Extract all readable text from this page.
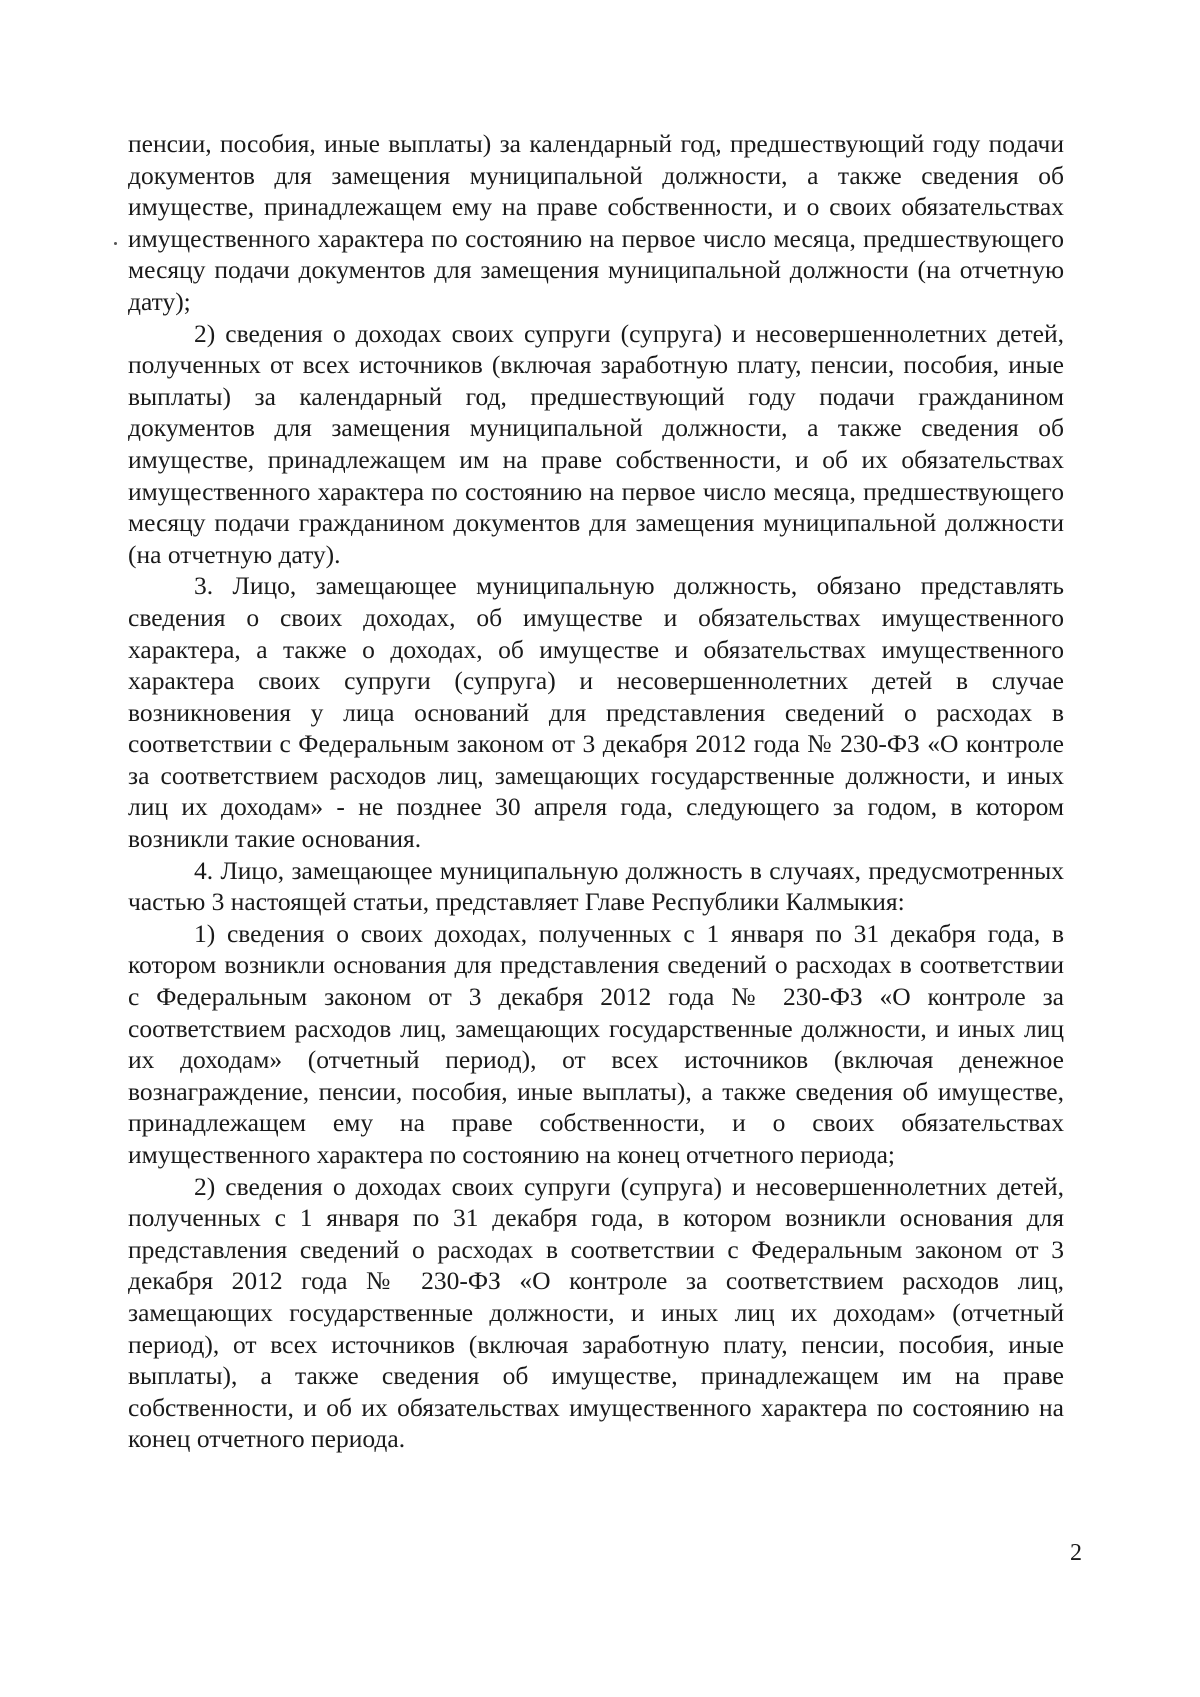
пенсии, пособия, иные выплаты) за календарный год, предшествующий году подачи документов для замещения муниципальной должности, а также сведения об имуществе, принадлежащем ему на праве собственности, и о своих обязательствах имущественного характера по состоянию на первое число месяца, предшествующего месяцу подачи документов для замещения муниципальной должности (на отчетную дату);

2) сведения о доходах своих супруги (супруга) и несовершеннолетних детей, полученных от всех источников (включая заработную плату, пенсии, пособия, иные выплаты) за календарный год, предшествующий году подачи гражданином документов для замещения муниципальной должности, а также сведения об имуществе, принадлежащем им на праве собственности, и об их обязательствах имущественного характера по состоянию на первое число месяца, предшествующего месяцу подачи гражданином документов для замещения муниципальной должности (на отчетную дату).

3. Лицо, замещающее муниципальную должность, обязано представлять сведения о своих доходах, об имуществе и обязательствах имущественного характера, а также о доходах, об имуществе и обязательствах имущественного характера своих супруги (супруга) и несовершеннолетних детей в случае возникновения у лица оснований для представления сведений о расходах в соответствии с Федеральным законом от 3 декабря 2012 года № 230-ФЗ «О контроле за соответствием расходов лиц, замещающих государственные должности, и иных лиц их доходам» - не позднее 30 апреля года, следующего за годом, в котором возникли такие основания.

4. Лицо, замещающее муниципальную должность в случаях, предусмотренных частью 3 настоящей статьи, представляет Главе Республики Калмыкия:

1) сведения о своих доходах, полученных с 1 января по 31 декабря года, в котором возникли основания для представления сведений о расходах в соответствии с Федеральным законом от 3 декабря 2012 года № 230-ФЗ «О контроле за соответствием расходов лиц, замещающих государственные должности, и иных лиц их доходам» (отчетный период), от всех источников (включая денежное вознаграждение, пенсии, пособия, иные выплаты), а также сведения об имуществе, принадлежащем ему на праве собственности, и о своих обязательствах имущественного характера по состоянию на конец отчетного периода;

2) сведения о доходах своих супруги (супруга) и несовершеннолетних детей, полученных с 1 января по 31 декабря года, в котором возникли основания для представления сведений о расходах в соответствии с Федеральным законом от 3 декабря 2012 года № 230-ФЗ «О контроле за соответствием расходов лиц, замещающих государственные должности, и иных лиц их доходам» (отчетный период), от всех источников (включая заработную плату, пенсии, пособия, иные выплаты), а также сведения об имуществе, принадлежащем им на праве собственности, и об их обязательствах имущественного характера по состоянию на конец отчетного периода.

2
